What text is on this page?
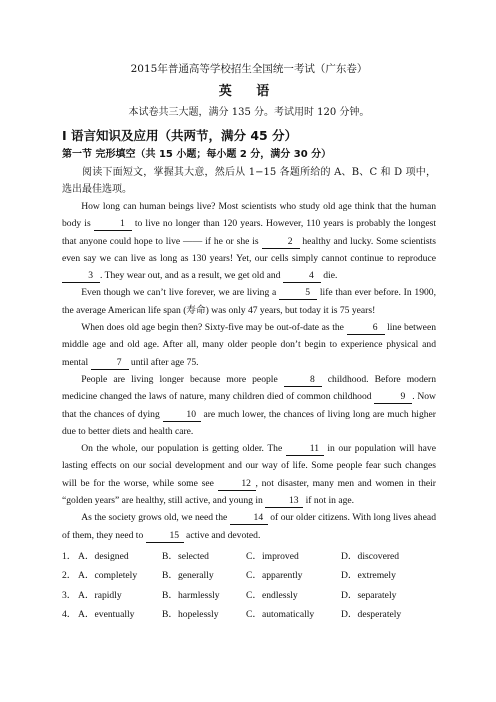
2015年普通高等学校招生全国统一考试（广东卷）
英 语
本试卷共三大题，满分 135 分。考试用时 120 分钟。
Ⅰ 语言知识及应用（共两节，满分 45 分）
第一节 完形填空（共 15 小题；每小题 2 分，满分 30 分）
阅读下面短文，掌握其大意，然后从 1−15 各题所给的 A、B、C 和 D 项中，选出最佳选项。

How long can human beings live? Most scientists who study old age think that the human body is	1 to live no longer than 120 years. However, 110 years is probably the longest that anyone could hope to live —— if he or she is	2 healthy and lucky. Some scientists even say we can live as long as 130 years! Yet, our cells simply cannot continue to reproduce 3 . They wear out, and as a result, we get old and	4 die.

Even though we can’t live forever, we are living a	5 life than ever before. In 1900, the average American life span (寿命) was only 47 years, but today it is 75 years!

When does old age begin then? Sixty-five may be out-of-date as the	6 line between middle age and old age. After all, many older people don’t begin to experience physical and mental	7 until after age 75.

People are living longer because more people	8 childhood. Before modern medicine changed the laws of nature, many children died of common childhood	9 . Now that the chances of dying 10 are much lower, the chances of living long are much higher due to better diets and health care.

On the whole, our population is getting older. The 11 in our population will have lasting effects on our social development and our way of life. Some people fear such changes will be for the worse, while some see 12 , not disaster, many men and women in their “golden years” are healthy, still active, and young in 13 if not in age.

As the society grows old, we need the 14 of our older citizens. With long lives ahead of them, they need to 15 active and devoted.

1． A．designed	B．selected	C．improved	D．discovered
2． A．completely	B．generally	C．apparently	D．extremely
3． A．rapidly	B．harmlessly	C．endlessly	D．separately
4． A．eventually	B．hopelessly	C．automatically	D．desperately
